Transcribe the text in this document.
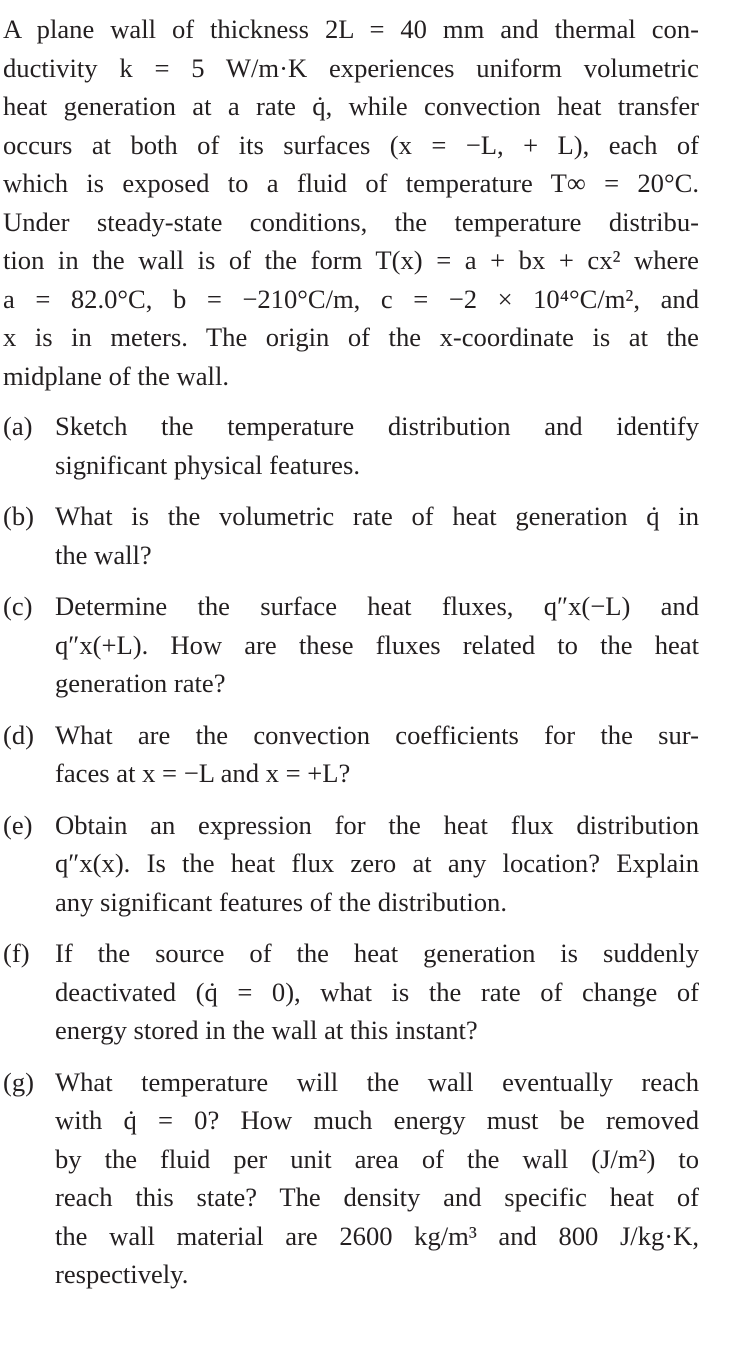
A plane wall of thickness 2L = 40 mm and thermal con-
ductivity k = 5 W/m·K experiences uniform volumetric
heat generation at a rate q̇, while convection heat transfer
occurs at both of its surfaces (x = −L, + L), each of
which is exposed to a fluid of temperature T∞ = 20°C.
Under steady-state conditions, the temperature distribu-
tion in the wall is of the form T(x) = a + bx + cx² where
a = 82.0°C, b = −210°C/m, c = −2 × 10⁴°C/m², and
x is in meters. The origin of the x-coordinate is at the
midplane of the wall.

(a) Sketch the temperature distribution and identify
significant physical features.
(b) What is the volumetric rate of heat generation q̇ in
the wall?
(c) Determine the surface heat fluxes, q″x(−L) and
q″x(+L). How are these fluxes related to the heat
generation rate?
(d) What are the convection coefficients for the sur-
faces at x = −L and x = +L?
(e) Obtain an expression for the heat flux distribution
q″x(x). Is the heat flux zero at any location? Explain
any significant features of the distribution.
(f) If the source of the heat generation is suddenly
deactivated (q̇ = 0), what is the rate of change of
energy stored in the wall at this instant?
(g) What temperature will the wall eventually reach
with q̇ = 0? How much energy must be removed
by the fluid per unit area of the wall (J/m²) to
reach this state? The density and specific heat of
the wall material are 2600 kg/m³ and 800 J/kg·K,
respectively.
